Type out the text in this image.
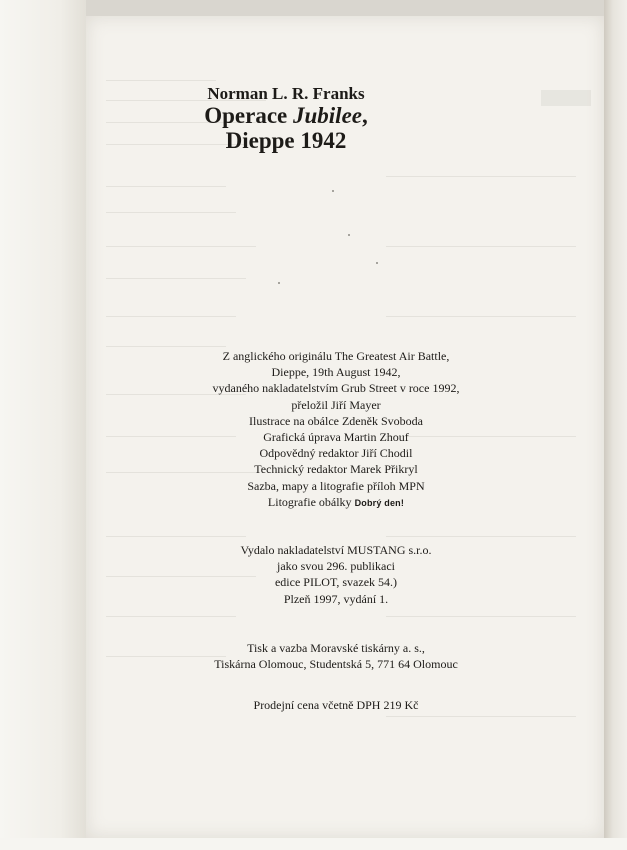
Norman L. R. Franks
Operace Jubilee,
Dieppe 1942
Z anglického originálu The Greatest Air Battle,
Dieppe, 19th August 1942,
vydaného nakladatelstvím Grub Street v roce 1992,
přeložil Jiří Mayer
Ilustrace na obálce Zdeněk Svoboda
Grafická úprava Martin Zhouf
Odpovědný redaktor Jiří Chodil
Technický redaktor Marek Přikryl
Sazba, mapy a litografie příloh MPN
Litografie obálky Dobrý den!
Vydalo nakladatelství MUSTANG s.r.o.
jako svou 296. publikaci
edice PILOT, svazek 54.)
Plzeň 1997, vydání 1.
Tisk a vazba Moravské tiskárny a. s.,
Tiskárna Olomouc, Studentská 5, 771 64 Olomouc
Prodejní cena včetně DPH 219 Kč
